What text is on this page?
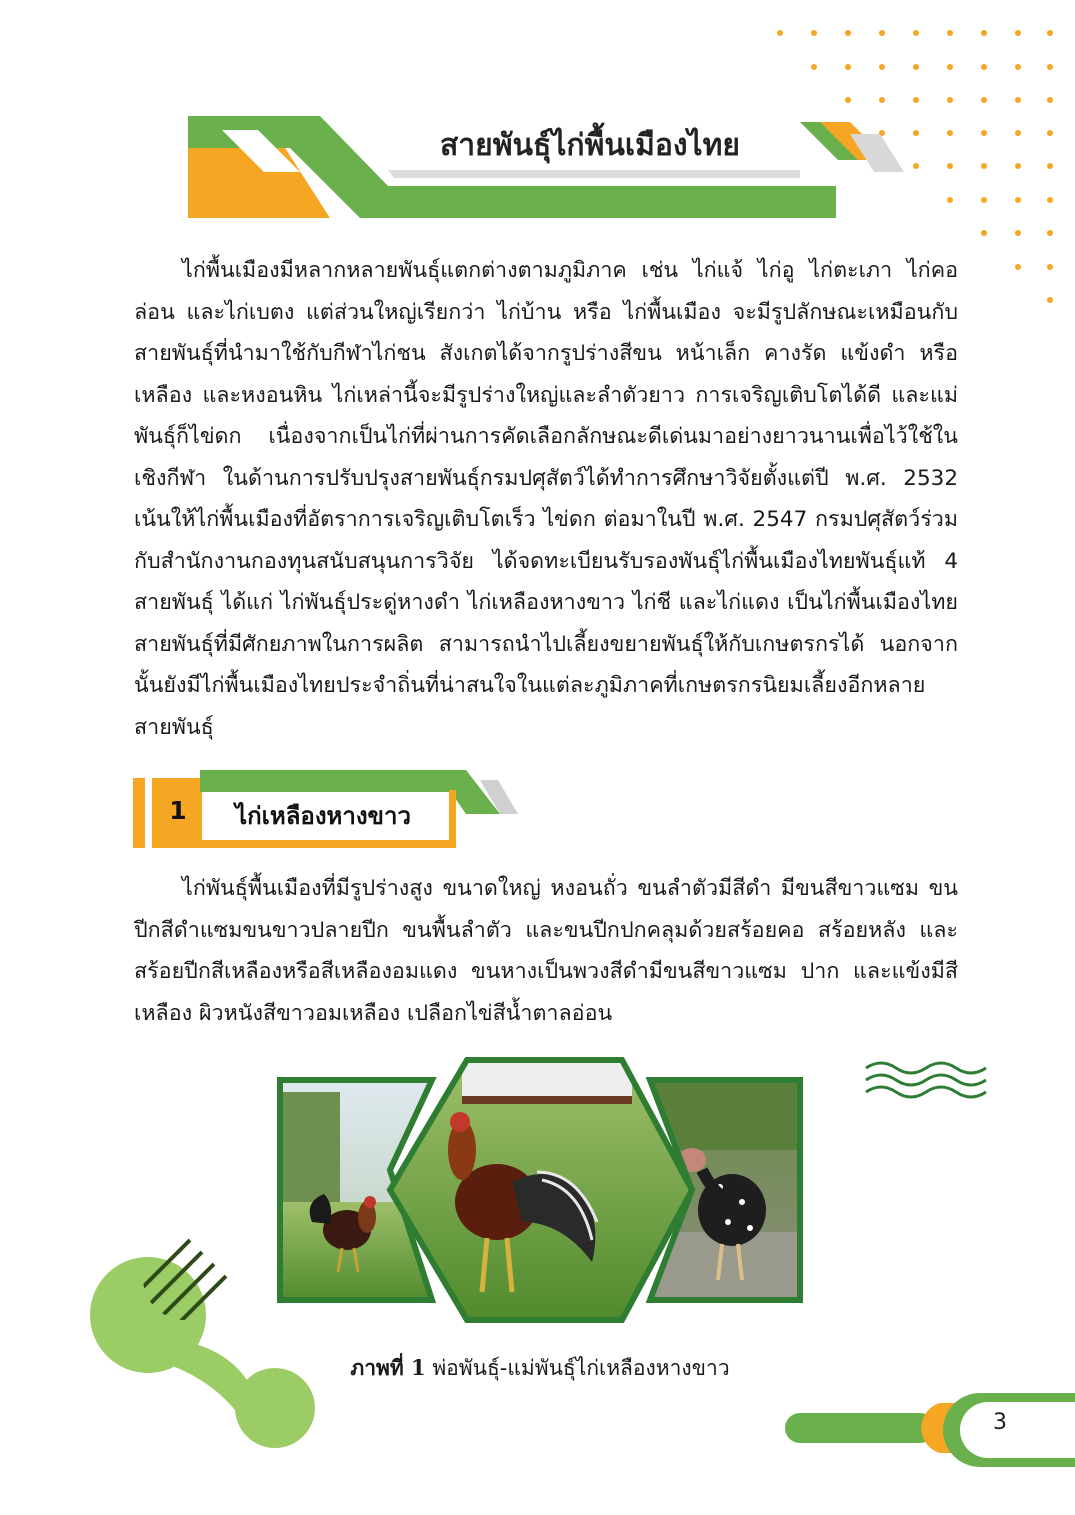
สายพันธุ์ไก่พื้นเมืองไทย

ไก่พื้นเมืองมีหลากหลายพันธุ์แตกต่างตามภูมิภาค เช่น ไก่แจ้ ไก่อู ไก่ตะเภา ไก่คอล่อน และไก่เบตง แต่ส่วนใหญ่เรียกว่า ไก่บ้าน หรือ ไก่พื้นเมือง จะมีรูปลักษณะเหมือนกับสายพันธุ์ที่นำมาใช้กับกีฬาไก่ชน สังเกตได้จากรูปร่างสีขน หน้าเล็ก คางรัด แข้งดำ หรือเหลือง และหงอนหิน ไก่เหล่านี้จะมีรูปร่างใหญ่และลำตัวยาว การเจริญเติบโตได้ดี และแม่พันธุ์ก็ไข่ดก เนื่องจากเป็นไก่ที่ผ่านการคัดเลือกลักษณะดีเด่นมาอย่างยาวนานเพื่อไว้ใช้ในเชิงกีฬา ในด้านการปรับปรุงสายพันธุ์กรมปศุสัตว์ได้ทำการศึกษาวิจัยตั้งแต่ปี พ.ศ. 2532 เน้นให้ไก่พื้นเมืองที่อัตราการเจริญเติบโตเร็ว ไข่ดก ต่อมาในปี พ.ศ. 2547 กรมปศุสัตว์ร่วมกับสำนักงานกองทุนสนับสนุนการวิจัย ได้จดทะเบียนรับรองพันธุ์ไก่พื้นเมืองไทยพันธุ์แท้ 4 สายพันธุ์ ได้แก่ ไก่พันธุ์ประดู่หางดำ ไก่เหลืองหางขาว ไก่ชี และไก่แดง เป็นไก่พื้นเมืองไทยสายพันธุ์ที่มีศักยภาพในการผลิต สามารถนำไปเลี้ยงขยายพันธุ์ให้กับเกษตรกรได้ นอกจากนั้นยังมีไก่พื้นเมืองไทยประจำถิ่นที่น่าสนใจในแต่ละภูมิภาคที่เกษตรกรนิยมเลี้ยงอีกหลายสายพันธุ์

1	ไก่เหลืองหางขาว

ไก่พันธุ์พื้นเมืองที่มีรูปร่างสูง ขนาดใหญ่ หงอนถั่ว ขนลำตัวมีสีดำ มีขนสีขาวแซม ขนปีกสีดำแซมขนขาวปลายปีก ขนพื้นลำตัว และขนปีกปกคลุมด้วยสร้อยคอ สร้อยหลัง และสร้อยปีกสีเหลืองหรือสีเหลืองอมแดง ขนหางเป็นพวงสีดำมีขนสีขาวแซม ปาก และแข้งมีสีเหลือง ผิวหนังสีขาวอมเหลือง เปลือกไข่สีน้ำตาลอ่อน

ภาพที่ 1 พ่อพันธุ์-แม่พันธุ์ไก่เหลืองหางขาว
3
